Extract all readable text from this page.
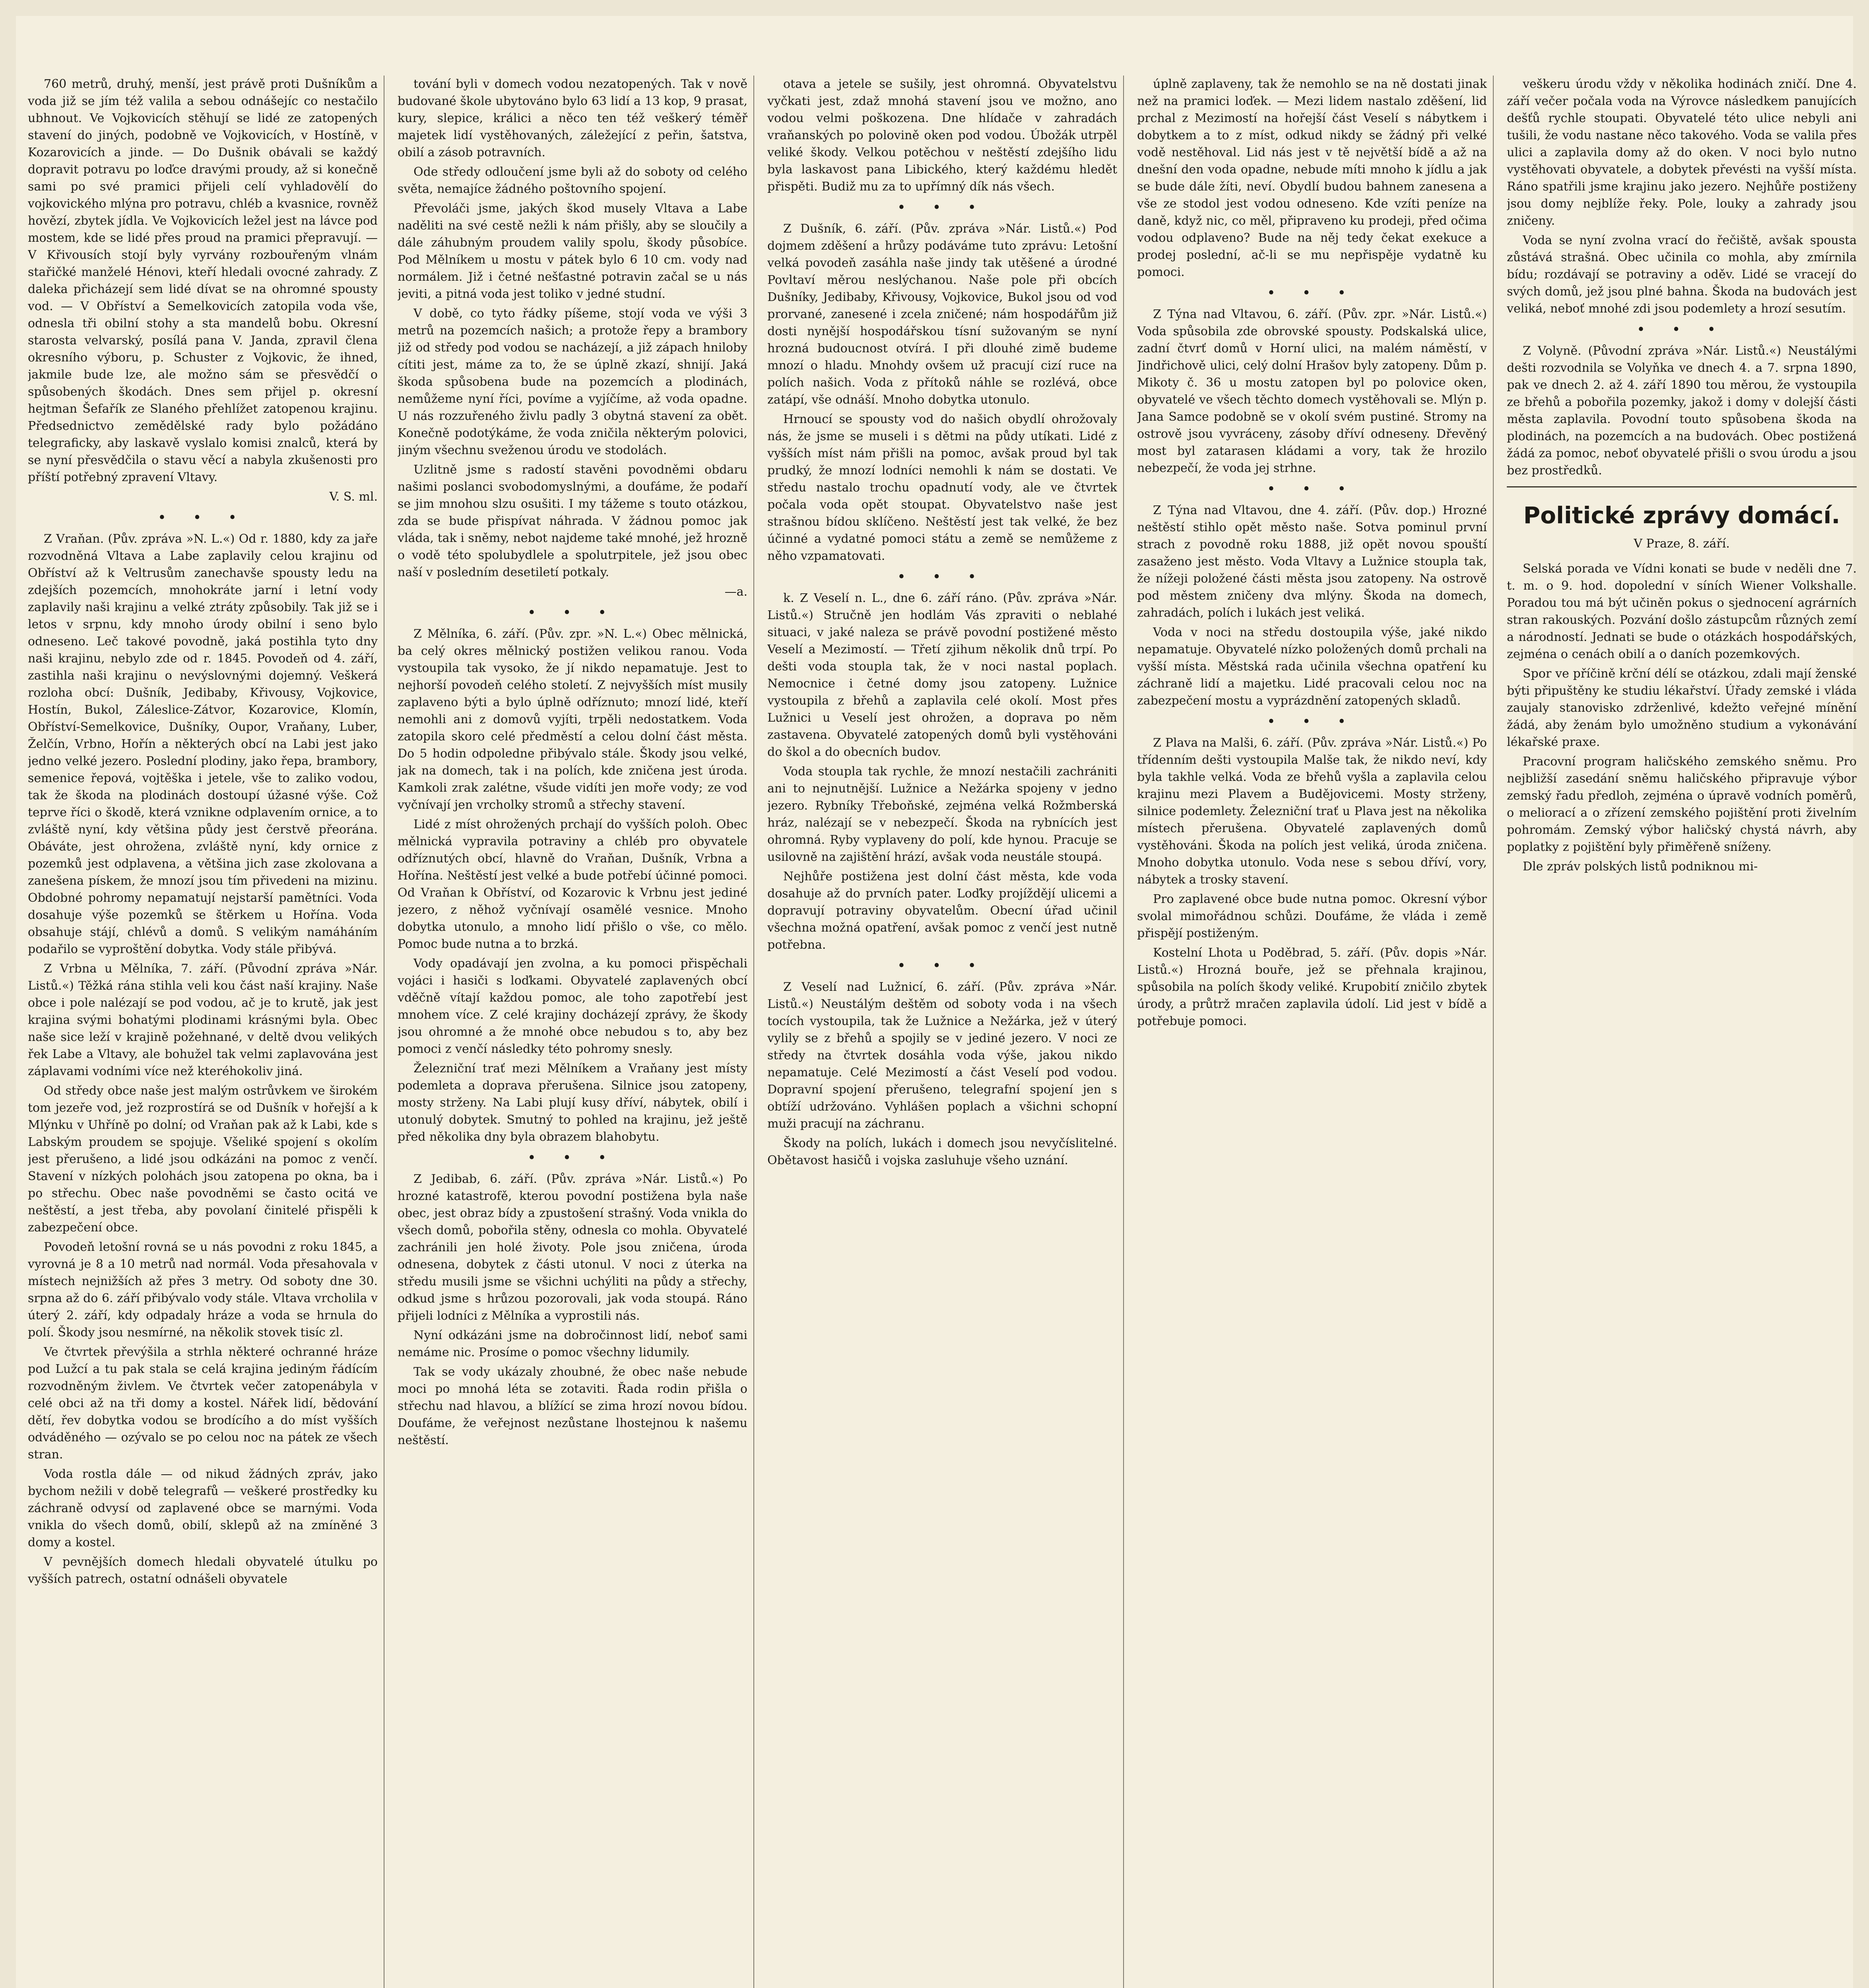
760 metrů, druhý, menší, jest právě proti Dušníkům a voda již se jím též valila a sebou odnášejíc co nestačilo ubhnout. Ve Vojkovicích stěhují se lidé ze zatopených stavení do jiných, podobně ve Vojkovicích, v Hostíně, v Kozarovicích a jinde. — Do Dušnik obávali se každý dopravit potravu po loďce dravými proudy, až si konečně sami po své pramici přijeli celí vyhladovělí do vojkovického mlýna pro potravu, chléb a kvasnice, rovněž hovězí, zbytek jídla. Ve Vojkovicích ležel jest na lávce pod mostem, kde se lidé přes proud na pramici přepravují. — V Křivousích stojí byly vyrvány rozbouřeným vlnám stařičké manželé Hénovi, kteří hledali ovocné zahrady. Z daleka přicházejí sem lidé dívat se na ohromné spousty vod. — V Obříství a Semelkovicích zatopila voda vše, odnesla tři obilní stohy a sta mandelů bobu. Okresní starosta velvarský, posílá pana V. Janda, zpravil člena okresního výboru, p. Schuster z Vojkovic, že ihned, jakmile bude lze, ale možno sám se přesvědčí o spůsobených škodách. Dnes sem přijel p. okresní hejtman Šefařík ze Slaného přehlížet zatopenou krajinu. Předsednictvo zemědělské rady bylo požádáno telegraficky, aby laskavě vyslalo komisi znalců, která by se nyní přesvědčila o stavu věcí a nabyla zkušenosti pro příští potřebný zpravení Vltavy.

V. S. ml.

• • •

Z Vraňan. (Pův. zpráva »N. L.«) Od r. 1880, kdy za jaře rozvodněná Vltava a Labe zaplavily celou krajinu od Obříství až k Veltrusům zanechavše spousty ledu na zdejších pozemcích, mnohokráte jarní i letní vody zaplavily naši krajinu a velké ztráty způsobily. Tak již se i letos v srpnu, kdy mnoho úrody obilní i seno bylo odneseno. Leč takové povodně, jaká postihla tyto dny naši krajinu, nebylo zde od r. 1845. Povodeň od 4. září, zastihla naši krajinu o nevýslovnými dojemný. Veškerá rozloha obcí: Dušník, Jedibaby, Křivousy, Vojkovice, Hostín, Bukol, Záleslice-Zátvor, Kozarovice, Klomín, Obříství-Semelkovice, Dušníky, Oupor, Vraňany, Luber, Želčín, Vrbno, Hořín a některých obcí na Labi jest jako jedno velké jezero. Poslední plodiny, jako řepa, brambory, semenice řepová, vojtěška i jetele, vše to zaliko vodou, tak že škoda na plodinách dostoupí úžasné výše. Což teprve říci o škodě, která vznikne odplavením ornice, a to zvláště nyní, kdy většina půdy jest čerstvě přeorána. Obáváte, jest ohrožena, zvláště nyní, kdy ornice z pozemků jest odplavena, a většina jich zase zkolovana a zanešena pískem, že mnozí jsou tím přivedeni na mizinu. Obdobné pohromy nepamatují nejstarší pamětníci. Voda dosahuje výše pozemků se štěrkem u Hořína. Voda obsahuje stájí, chlévů a domů. S velikým namáháním podařilo se vyproštění dobytka. Vody stále přibývá.

Z Vrbna u Mělníka, 7. září. (Původní zpráva »Nár. Listů.«) Těžká rána stihla veli kou část naší krajiny. Naše obce i pole nalézají se pod vodou, ač je to krutě, jak jest krajina svými bohatými plodinami krásnými byla. Obec naše sice leží v krajině požehnané, v deltě dvou velikých řek Labe a Vltavy, ale bohužel tak velmi zaplavována jest záplavami vodními více než kteréhokoliv jiná.

Od středy obce naše jest malým ostrůvkem ve širokém tom jezeře vod, jež rozprostírá se od Dušník v hořejší a k Mlýnku v Uhříně po dolní; od Vraňan pak až k Labi, kde s Labským proudem se spojuje. Všeliké spojení s okolím jest přerušeno, a lidé jsou odkázáni na pomoc z venčí. Stavení v nízkých polohách jsou zatopena po okna, ba i po střechu. Obec naše povodněmi se často ocitá ve neštěstí, a jest třeba, aby povolaní činitelé přispěli k zabezpečení obce.

Povodeň letošní rovná se u nás povodni z roku 1845, a vyrovná je 8 a 10 metrů nad normál. Voda přesahovala v místech nejnižších až přes 3 metry. Od soboty dne 30. srpna až do 6. září přibývalo vody stále. Vltava vrcholila v úterý 2. září, kdy odpadaly hráze a voda se hrnula do polí. Škody jsou nesmírné, na několik stovek tisíc zl.

Ve čtvrtek převýšila a strhla některé ochranné hráze pod Lužcí a tu pak stala se celá krajina jediným řádícím rozvodněným živlem. Ve čtvrtek večer zatopenábyla v celé obci až na tři domy a kostel. Nářek lidí, bědování dětí, řev dobytka vodou se brodícího a do míst vyšších odváděného — ozývalo se po celou noc na pátek ze všech stran.

Voda rostla dále — od nikud žádných zpráv, jako bychom nežili v době telegrafů — veškeré prostředky ku záchraně odvysí od zaplavené obce se marnými. Voda vnikla do všech domů, obilí, sklepů až na zmíněné 3 domy a kostel.

V pevnějších domech hledali obyvatelé útulku po vyšších patrech, ostatní odnášeli obyvatele

tování byli v domech vodou nezatopených. Tak v nově budované škole ubytováno bylo 63 lidí a 13 kop, 9 prasat, kury, slepice, králici a něco ten též veškerý téměř majetek lidí vystěhovaných, záležející z peřin, šatstva, obilí a zásob potravních.

Ode středy odloučení jsme byli až do soboty od celého světa, nemajíce žádného poštovního spojení.

Převoláči jsme, jakých škod musely Vltava a Labe naděliti na své cestě nežli k nám přišly, aby se sloučily a dále záhubným proudem valily spolu, škody působíce. Pod Mělníkem u mostu v pátek bylo 6 10 cm. vody nad normálem. Již i četné nešťastné potravin začal se u nás jeviti, a pitná voda jest toliko v jedné studní.

V době, co tyto řádky píšeme, stojí voda ve výši 3 metrů na pozemcích našich; a protože řepy a brambory již od středy pod vodou se nacházejí, a již zápach hniloby cítiti jest, máme za to, že se úplně zkazí, shnijí. Jaká škoda spůsobena bude na pozemcích a plodinách, nemůžeme nyní říci, povíme a vyjíčíme, až voda opadne. U nás rozzuřeného živlu padly 3 obytná stavení za obět. Konečně podotýkáme, že voda zničila některým polovici, jiným všechnu sveženou úrodu ve stodolách.

Uzlitně jsme s radostí stavěni povodněmi obdaru našimi poslanci svobodomyslnými, a doufáme, že podaří se jim mnohou slzu osušiti. I my tážeme s touto otázkou, zda se bude přispívat náhrada. V žádnou pomoc jak vláda, tak i sněmy, nebot najdeme také mnohé, jež hrozně o vodě této spolubydlele a spolutrpitele, jež jsou obec naší v posledním desetiletí potkaly.

—a.

• • •

Z Mělníka, 6. září. (Pův. zpr. »N. L.«) Obec mělnická, ba celý okres mělnický postižen velikou ranou. Voda vystoupila tak vysoko, že jí nikdo nepamatuje. Jest to nejhorší povodeň celého století. Z nejvyšších míst musily zaplaveno býti a bylo úplně odříznuto; mnozí lidé, kteří nemohli ani z domovů vyjíti, trpěli nedostatkem. Voda zatopila skoro celé předměstí a celou dolní část města. Do 5 hodin odpoledne přibývalo stále. Škody jsou velké, jak na domech, tak i na polích, kde zničena jest úroda. Kamkoli zrak zalétne, všude vidíti jen moře vody; ze vod vyčnívají jen vrcholky stromů a střechy stavení.

Lidé z míst ohrožených prchají do vyšších poloh. Obec mělnická vypravila potraviny a chléb pro obyvatele odříznutých obcí, hlavně do Vraňan, Dušník, Vrbna a Hořína. Neštěstí jest velké a bude potřebí účinné pomoci. Od Vraňan k Obříství, od Kozarovic k Vrbnu jest jediné jezero, z něhož vyčnívají osamělé vesnice. Mnoho dobytka utonulo, a mnoho lidí přišlo o vše, co mělo. Pomoc bude nutna a to brzká.

Vody opadávají jen zvolna, a ku pomoci přispěchali vojáci i hasiči s loďkami. Obyvatelé zaplavených obcí vděčně vítají každou pomoc, ale toho zapotřebí jest mnohem více. Z celé krajiny docházejí zprávy, že škody jsou ohromné a že mnohé obce nebudou s to, aby bez pomoci z venčí následky této pohromy snesly.

Železniční trať mezi Mělníkem a Vraňany jest místy podemleta a doprava přerušena. Silnice jsou zatopeny, mosty strženy. Na Labi plují kusy dříví, nábytek, obilí i utonulý dobytek. Smutný to pohled na krajinu, jež ještě před několika dny byla obrazem blahobytu.

• • •

Z Jedibab, 6. září. (Pův. zpráva »Nár. Listů.«) Po hrozné katastrofě, kterou povodní postižena byla naše obec, jest obraz bídy a zpustošení strašný. Voda vnikla do všech domů, pobořila stěny, odnesla co mohla. Obyvatelé zachránili jen holé životy. Pole jsou zničena, úroda odnesena, dobytek z části utonul. V noci z úterka na středu musili jsme se všichni uchýliti na půdy a střechy, odkud jsme s hrůzou pozorovali, jak voda stoupá. Ráno přijeli lodníci z Mělníka a vyprostili nás.

Nyní odkázáni jsme na dobročinnost lidí, neboť sami nemáme nic. Prosíme o pomoc všechny lidumily.

Tak se vody ukázaly zhoubné, že obec naše nebude moci po mnohá léta se zotaviti. Řada rodin přišla o střechu nad hlavou, a blížící se zima hrozí novou bídou. Doufáme, že veřejnost nezůstane lhostejnou k našemu neštěstí.

otava a jetele se sušily, jest ohromná. Obyvatelstvu vyčkati jest, zdaž mnohá stavení jsou ve možno, ano vodou velmi poškozena. Dne hlídače v zahradách vraňanských po polovině oken pod vodou. Úbožák utrpěl veliké škody. Velkou potěchou v neštěstí zdejšího lidu byla laskavost pana Libického, který každému hledět přispěti. Budiž mu za to upřímný dík nás všech.

• • •

Z Dušník, 6. září. (Pův. zpráva »Nár. Listů.«) Pod dojmem zděšení a hrůzy podáváme tuto zprávu: Letošní velká povodeň zasáhla naše jindy tak utěšené a úrodné Povltaví měrou neslýchanou. Naše pole při obcích Dušníky, Jedibaby, Křivousy, Vojkovice, Bukol jsou od vod prorvané, zanesené i zcela zničené; nám hospodářům již dosti nynější hospodářskou tísní sužovaným se nyní hrozná budoucnost otvírá. I při dlouhé zimě budeme mnozí o hladu. Mnohdy ovšem už pracují cizí ruce na polích našich. Voda z přítoků náhle se rozlévá, obce zatápí, vše odnáší. Mnoho dobytka utonulo.

Hrnoucí se spousty vod do našich obydlí ohrožovaly nás, že jsme se museli i s dětmi na půdy utíkati. Lidé z vyšších míst nám přišli na pomoc, avšak proud byl tak prudký, že mnozí lodníci nemohli k nám se dostati. Ve středu nastalo trochu opadnutí vody, ale ve čtvrtek počala voda opět stoupat. Obyvatelstvo naše jest strašnou bídou sklíčeno. Neštěstí jest tak velké, že bez účinné a vydatné pomoci státu a země se nemůžeme z něho vzpamatovati.

• • •

k. Z Veselí n. L., dne 6. září ráno. (Pův. zpráva »Nár. Listů.«) Stručně jen hodlám Vás zpraviti o neblahé situaci, v jaké naleza se právě povodní postižené město Veselí a Mezimostí. — Třetí zjihum několik dnů trpí. Po dešti voda stoupla tak, že v noci nastal poplach. Nemocnice i četné domy jsou zatopeny. Lužnice vystoupila z břehů a zaplavila celé okolí. Most přes Lužnici u Veselí jest ohrožen, a doprava po něm zastavena. Obyvatelé zatopených domů byli vystěhováni do škol a do obecních budov.

Voda stoupla tak rychle, že mnozí nestačili zachrániti ani to nejnutnější. Lužnice a Nežárka spojeny v jedno jezero. Rybníky Třeboňské, zejména velká Rožmberská hráz, nalézají se v nebezpečí. Škoda na rybnících jest ohromná. Ryby vyplaveny do polí, kde hynou. Pracuje se usilovně na zajištění hrází, avšak voda neustále stoupá.

Nejhůře postižena jest dolní část města, kde voda dosahuje až do prvních pater. Loďky projíždějí ulicemi a dopravují potraviny obyvatelům. Obecní úřad učinil všechna možná opatření, avšak pomoc z venčí jest nutně potřebna.

• • •

Z Veselí nad Lužnicí, 6. září. (Pův. zpráva »Nár. Listů.«) Neustálým deštěm od soboty voda i na všech tocích vystoupila, tak že Lužnice a Nežárka, jež v úterý vylily se z břehů a spojily se v jediné jezero. V noci ze středy na čtvrtek dosáhla voda výše, jakou nikdo nepamatuje. Celé Mezimostí a část Veselí pod vodou. Dopravní spojení přerušeno, telegrafní spojení jen s obtíží udržováno. Vyhlášen poplach a všichni schopní muži pracují na záchranu.

Škody na polích, lukách i domech jsou nevyčíslitelné. Obětavost hasičů i vojska zasluhuje všeho uznání.

úplně zaplaveny, tak že nemohlo se na ně dostati jinak než na pramici loďek. — Mezi lidem nastalo zděšení, lid prchal z Mezimostí na hořejší část Veselí s nábytkem i dobytkem a to z míst, odkud nikdy se žádný při velké vodě nestěhoval. Lid nás jest v tě největší bídě a až na dnešní den voda opadne, nebude míti mnoho k jídlu a jak se bude dále žíti, neví. Obydlí budou bahnem zanesena a vše ze stodol jest vodou odneseno. Kde vzíti peníze na daně, když nic, co měl, připraveno ku prodeji, před očima vodou odplaveno? Bude na něj tedy čekat exekuce a prodej poslední, ač-li se mu nepřispěje vydatně ku pomoci.

• • •

Z Týna nad Vltavou, 6. září. (Pův. zpr. »Nár. Listů.«) Voda spůsobila zde obrovské spousty. Podskalská ulice, zadní čtvrť domů v Horní ulici, na malém náměstí, v Jindřichově ulici, celý dolní Hrašov byly zatopeny. Dům p. Mikoty č. 36 u mostu zatopen byl po polovice oken, obyvatelé ve všech těchto domech vystěhovali se. Mlýn p. Jana Samce podobně se v okolí svém pustiné. Stromy na ostrově jsou vyvráceny, zásoby dříví odneseny. Dřevěný most byl zatarasen kládami a vory, tak že hrozilo nebezpečí, že voda jej strhne.

• • •

Z Týna nad Vltavou, dne 4. září. (Pův. dop.) Hrozné neštěstí stihlo opět město naše. Sotva pominul první strach z povodně roku 1888, již opět novou spouští zasaženo jest město. Voda Vltavy a Lužnice stoupla tak, že nížeji položené části města jsou zatopeny. Na ostrově pod městem zničeny dva mlýny. Škoda na domech, zahradách, polích i lukách jest veliká.

Voda v noci na středu dostoupila výše, jaké nikdo nepamatuje. Obyvatelé nízko položených domů prchali na vyšší místa. Městská rada učinila všechna opatření ku záchraně lidí a majetku. Lidé pracovali celou noc na zabezpečení mostu a vyprázdnění zatopených skladů.

• • •

Z Plava na Malši, 6. září. (Pův. zpráva »Nár. Listů.«) Po třídenním dešti vystoupila Malše tak, že nikdo neví, kdy byla takhle velká. Voda ze břehů vyšla a zaplavila celou krajinu mezi Plavem a Budějovicemi. Mosty strženy, silnice podemlety. Železniční trať u Plava jest na několika místech přerušena. Obyvatelé zaplavených domů vystěhováni. Škoda na polích jest veliká, úroda zničena. Mnoho dobytka utonulo. Voda nese s sebou dříví, vory, nábytek a trosky stavení.

Pro zaplavené obce bude nutna pomoc. Okresní výbor svolal mimořádnou schůzi. Doufáme, že vláda i země přispějí postiženým.

Kostelní Lhota u Poděbrad, 5. září. (Pův. dopis »Nár. Listů.«) Hrozná bouře, jež se přehnala krajinou, spůsobila na polích škody veliké. Krupobití zničilo zbytek úrody, a průtrž mračen zaplavila údolí. Lid jest v bídě a potřebuje pomoci.

veškeru úrodu vždy v několika hodinách zničí. Dne 4. září večer počala voda na Výrovce následkem panujících dešťů rychle stoupati. Obyvatelé této ulice nebyli ani tušili, že vodu nastane něco takového. Voda se valila přes ulici a zaplavila domy až do oken. V noci bylo nutno vystěhovati obyvatele, a dobytek převésti na vyšší místa. Ráno spatřili jsme krajinu jako jezero. Nejhůře postiženy jsou domy nejblíže řeky. Pole, louky a zahrady jsou zničeny.

Voda se nyní zvolna vrací do řečiště, avšak spousta zůstává strašná. Obec učinila co mohla, aby zmírnila bídu; rozdávají se potraviny a oděv. Lidé se vracejí do svých domů, jež jsou plné bahna. Škoda na budovách jest veliká, neboť mnohé zdi jsou podemlety a hrozí sesutím.

• • •

Z Volyně. (Původní zpráva »Nár. Listů.«) Neustálými dešti rozvodnila se Volyňka ve dnech 4. a 7. srpna 1890, pak ve dnech 2. až 4. září 1890 tou měrou, že vystoupila ze břehů a pobořila pozemky, jakož i domy v dolejší části města zaplavila. Povodní touto spůsobena škoda na plodinách, na pozemcích a na budovách. Obec postižená žádá za pomoc, neboť obyvatelé přišli o svou úrodu a jsou bez prostředků.

Politické zprávy domácí.
V Praze, 8. září.

Selská porada ve Vídni konati se bude v neděli dne 7. t. m. o 9. hod. dopolední v síních Wiener Volkshalle. Poradou tou má být učiněn pokus o sjednocení agrárních stran rakouských. Pozvání došlo zástupcům různých zemí a národností. Jednati se bude o otázkách hospodářských, zejména o cenách obilí a o daních pozemkových.

Spor ve příčině krční délí se otázkou, zdali mají ženské býti připuštěny ke studiu lékařství. Úřady zemské i vláda zaujaly stanovisko zdrženlivé, kdežto veřejné mínění žádá, aby ženám bylo umožněno studium a vykonávání lékařské praxe.

Pracovní program haličského zemského sněmu. Pro nejbližší zasedání sněmu haličského připravuje výbor zemský řadu předloh, zejména o úpravě vodních poměrů, o meliorací a o zřízení zemského pojištění proti živelním pohromám. Zemský výbor haličský chystá návrh, aby poplatky z pojištění byly přiměřeně sníženy.

Dle zpráv polských listů podniknou mi-
